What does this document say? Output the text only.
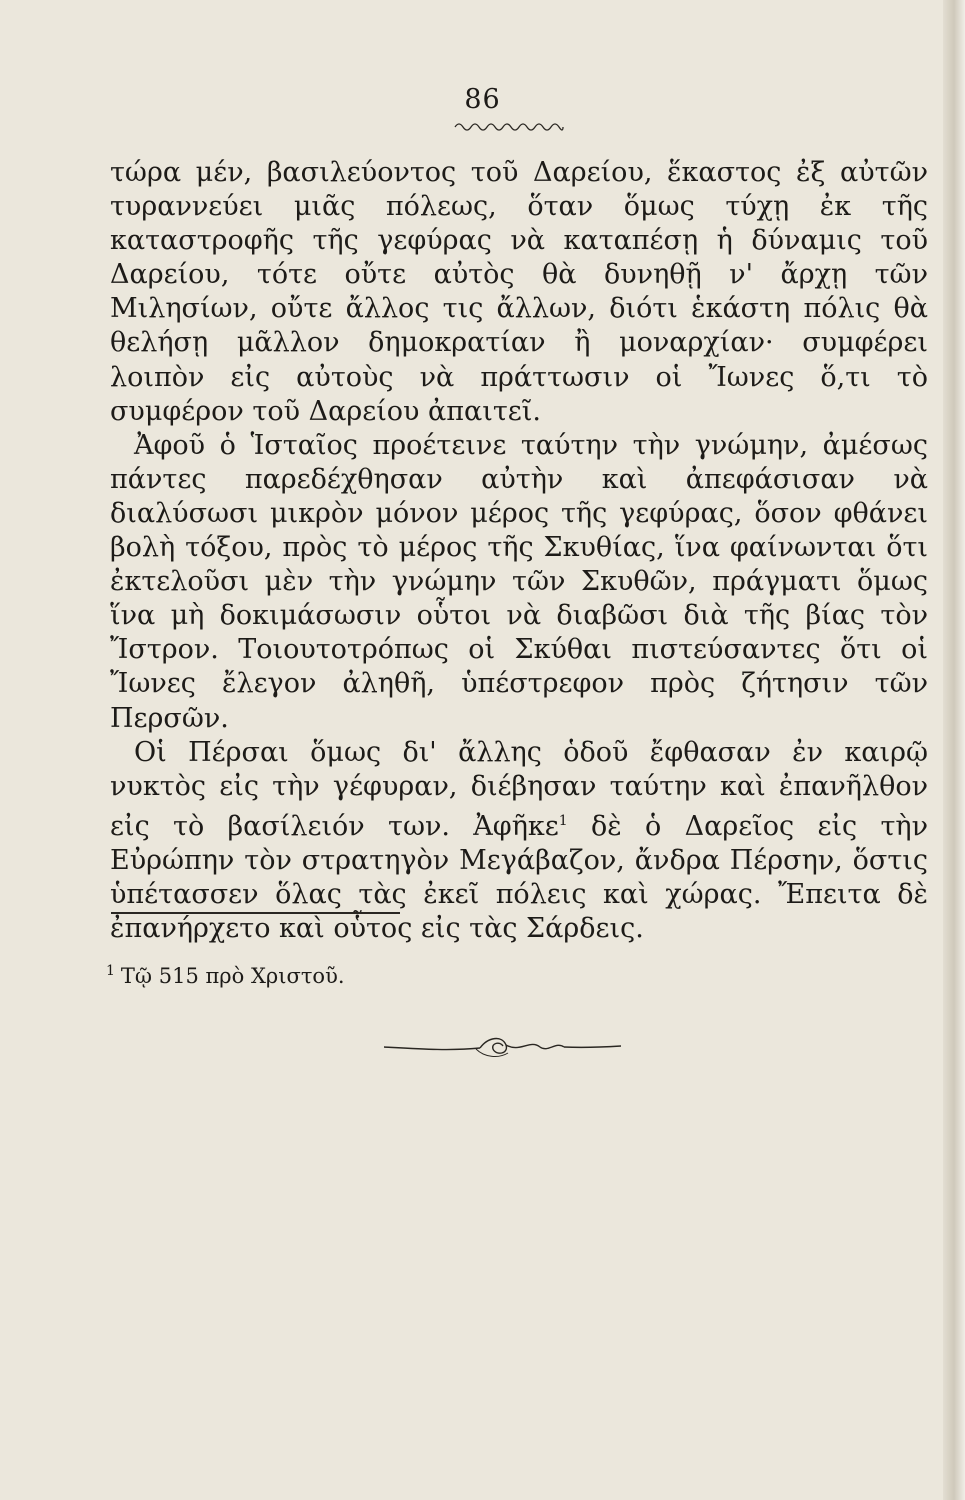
86

τώρα μέν, βασιλεύοντος τοῦ Δαρείου, ἕκαστος ἐξ αὐτῶν τυραννεύει μιᾶς πόλεως, ὅταν ὅμως τύχῃ ἐκ τῆς καταστροφῆς τῆς γεφύρας νὰ καταπέσῃ ἡ δύναμις τοῦ Δαρείου, τότε οὔτε αὐτὸς θὰ δυνηθῇ ν' ἄρχῃ τῶν Μιλησίων, οὔτε ἄλλος τις ἄλλων, διότι ἑκάστη πόλις θὰ θελήσῃ μᾶλλον δημοκρατίαν ἢ μοναρχίαν· συμφέρει λοιπὸν εἰς αὐτοὺς νὰ πράττωσιν οἱ Ἴωνες ὅ,τι τὸ συμφέρον τοῦ Δαρείου ἀπαιτεῖ.

Ἀφοῦ ὁ Ἱσταῖος προέτεινε ταύτην τὴν γνώμην, ἀμέσως πάντες παρεδέχθησαν αὐτὴν καὶ ἀπεφάσισαν νὰ διαλύσωσι μικρὸν μόνον μέρος τῆς γεφύρας, ὅσον φθάνει βολὴ τόξου, πρὸς τὸ μέρος τῆς Σκυθίας, ἵνα φαίνωνται ὅτι ἐκτελοῦσι μὲν τὴν γνώμην τῶν Σκυθῶν, πράγματι ὅμως ἵνα μὴ δοκιμάσωσιν οὗτοι νὰ διαβῶσι διὰ τῆς βίας τὸν Ἴστρον. Τοιουτοτρόπως οἱ Σκύθαι πιστεύσαντες ὅτι οἱ Ἴωνες ἔλεγον ἀληθῆ, ὑπέστρεφον πρὸς ζήτησιν τῶν Περσῶν.

Οἱ Πέρσαι ὅμως δι' ἄλλης ὁδοῦ ἔφθασαν ἐν καιρῷ νυκτὸς εἰς τὴν γέφυραν, διέβησαν ταύτην καὶ ἐπανῆλθον εἰς τὸ βασίλειόν των. Ἀφῆκε$^1$ δὲ ὁ Δαρεῖος εἰς τὴν Εὐρώπην τὸν στρατηγὸν Μεγάβαζον, ἄνδρα Πέρσην, ὅστις ὑπέτασσεν ὅλας τὰς ἐκεῖ πόλεις καὶ χώρας. Ἔπειτα δὲ ἐπανήρχετο καὶ οὗτος εἰς τὰς Σάρδεις.

$^1$ Τῷ 515 πρὸ Χριστοῦ.
